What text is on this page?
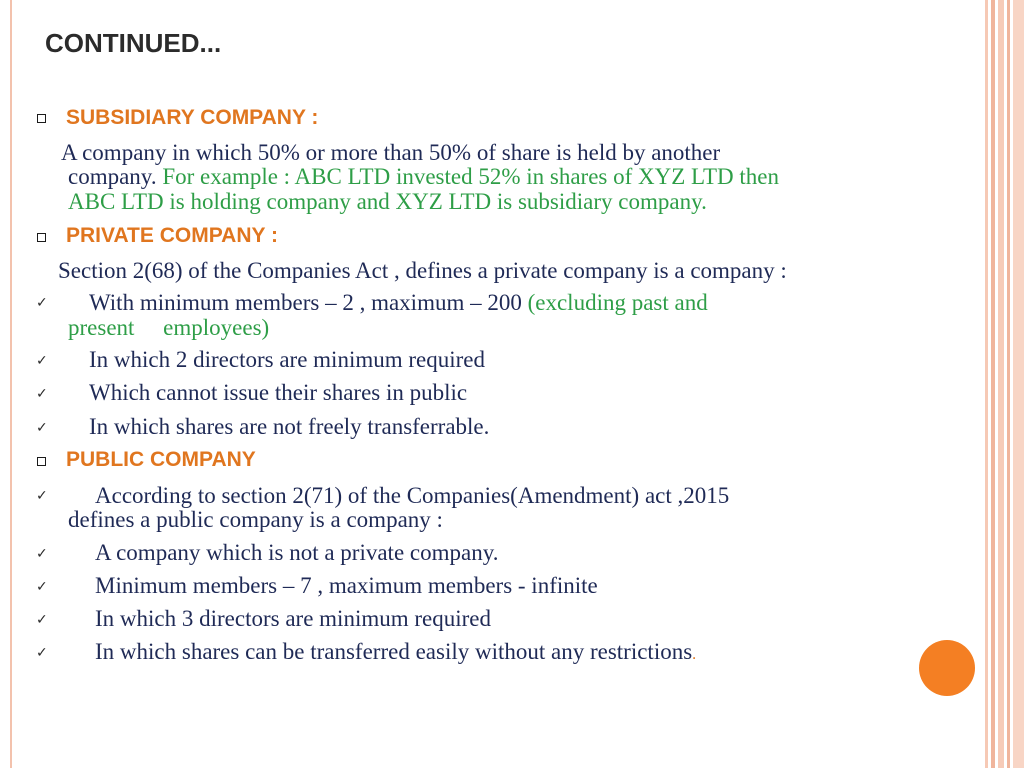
CONTINUED...
SUBSIDIARY COMPANY :
A company in which 50% or more than 50% of share is held by another
company. For example : ABC LTD invested 52% in shares of XYZ LTD then
ABC LTD is holding company and XYZ LTD is subsidiary company.
PRIVATE COMPANY :
Section 2(68) of the Companies Act , defines a private company is a company :
✓ With minimum members – 2 , maximum – 200 (excluding past and
present     employees)
✓ In which 2 directors are minimum required
✓ Which cannot issue their shares in public
✓ In which shares are not freely transferrable.
PUBLIC COMPANY
✓ According to section 2(71) of the Companies(Amendment) act ,2015
defines a public company is a company :
✓ A company which is not a private company.
✓ Minimum members – 7 , maximum members - infinite
✓ In which 3 directors are minimum required
✓ In which shares can be transferred easily without any restrictions.
